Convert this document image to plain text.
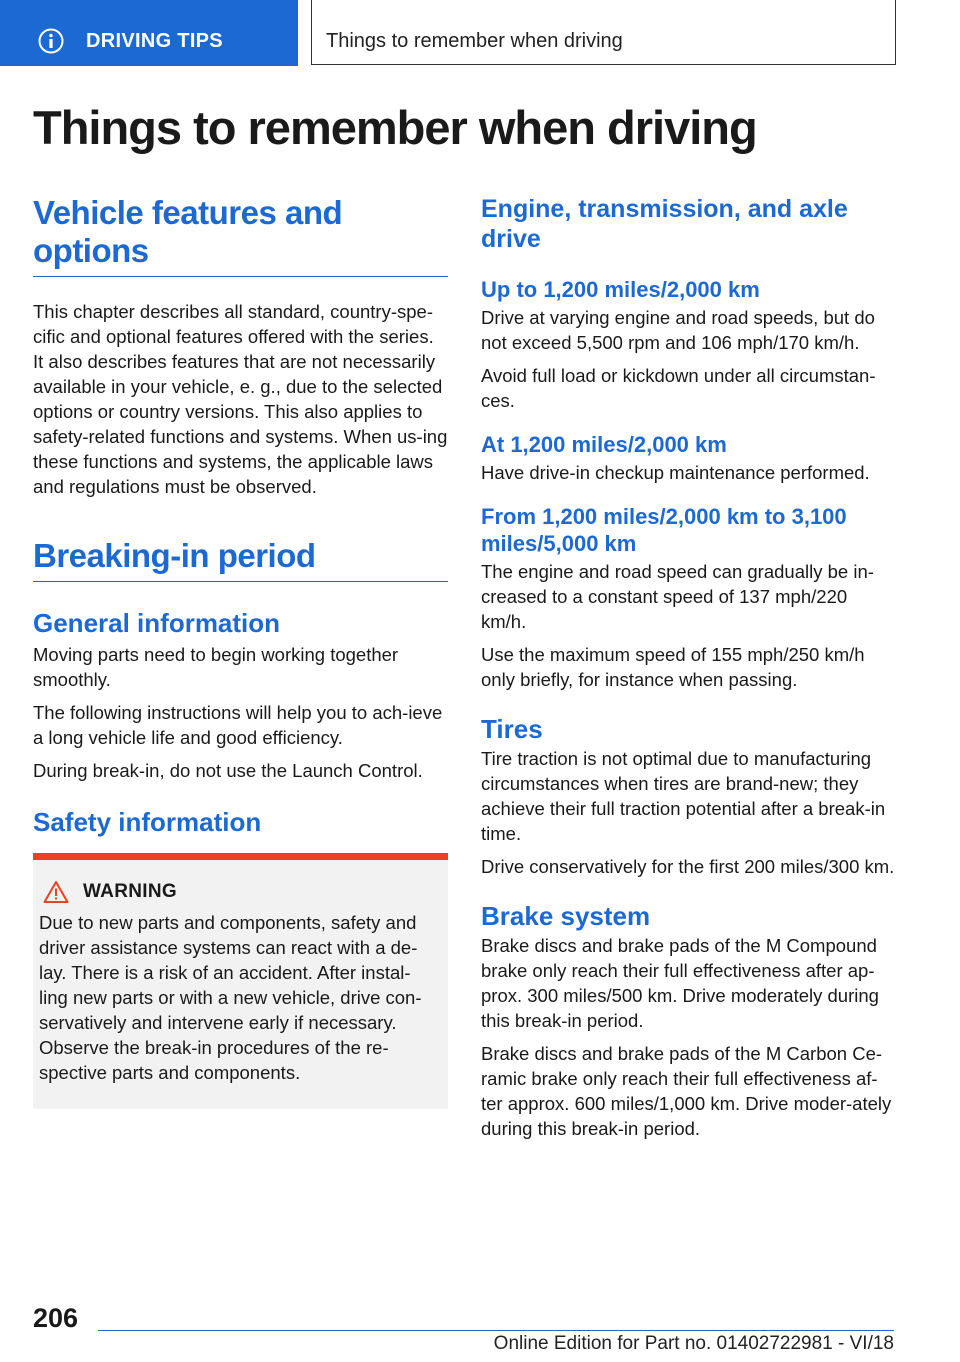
DRIVING TIPS	Things to remember when driving
Things to remember when driving
Vehicle features and options

This chapter describes all standard, country-spe-cific and optional features offered with the series. It also describes features that are not necessarily available in your vehicle, e. g., due to the selected options or country versions. This also applies to safety-related functions and systems. When us-ing these functions and systems, the applicable laws and regulations must be observed.

Breaking-in period
General information

Moving parts need to begin working together smoothly.

The following instructions will help you to ach-ieve a long vehicle life and good efficiency.

During break-in, do not use the Launch Control.

Safety information
WARNING

Due to new parts and components, safety and driver assistance systems can react with a de-lay. There is a risk of an accident. After instal-ling new parts or with a new vehicle, drive con-servatively and intervene early if necessary. Observe the break-in procedures of the re-spective parts and components.

Engine, transmission, and axle drive
Up to 1,200 miles/2,000 km

Drive at varying engine and road speeds, but do not exceed 5,500 rpm and 106 mph/170 km/h.

Avoid full load or kickdown under all circumstan-ces.

At 1,200 miles/2,000 km

Have drive-in checkup maintenance performed.

From 1,200 miles/2,000 km to 3,100 miles/5,000 km

The engine and road speed can gradually be in-creased to a constant speed of 137 mph/220 km/h.

Use the maximum speed of 155 mph/250 km/h only briefly, for instance when passing.

Tires

Tire traction is not optimal due to manufacturing circumstances when tires are brand-new; they achieve their full traction potential after a break-in time.

Drive conservatively for the first 200 miles/300 km.

Brake system

Brake discs and brake pads of the M Compound brake only reach their full effectiveness after ap-prox. 300 miles/500 km. Drive moderately during this break-in period.

Brake discs and brake pads of the M Carbon Ce-ramic brake only reach their full effectiveness af-ter approx. 600 miles/1,000 km. Drive moder-ately during this break-in period.

206
Online Edition for Part no. 01402722981 - VI/18
